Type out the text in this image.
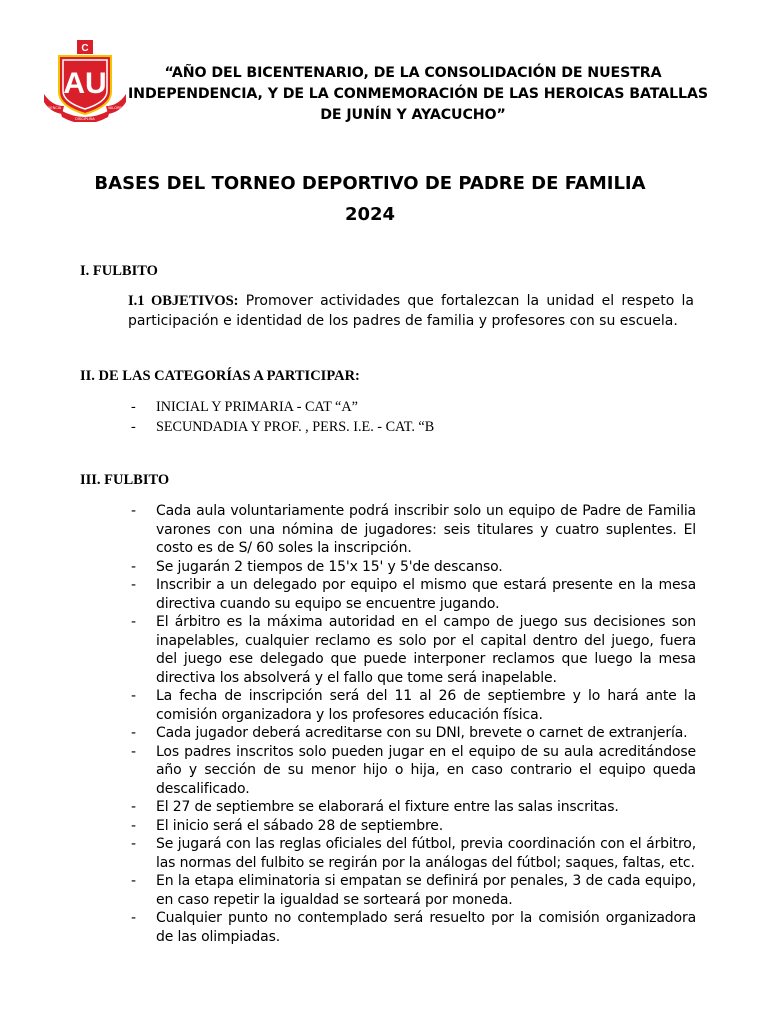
C
AU
CIENCIA
DISCIPLINA
VALORES
“AÑO DEL BICENTENARIO, DE LA CONSOLIDACIÓN DE NUESTRA
INDEPENDENCIA, Y DE LA CONMEMORACIÓN DE LAS HEROICAS BATALLAS
DE JUNÍN Y AYACUCHO”
BASES DEL TORNEO DEPORTIVO DE PADRE DE FAMILIA
2024
I. FULBITO
I.1 OBJETIVOS: Promover actividades que fortalezcan la unidad el respeto la participación e identidad de los padres de familia y profesores con su escuela.
II. DE LAS CATEGORÍAS A PARTICIPAR:
- INICIAL Y PRIMARIA - CAT “A”
- SECUNDADIA Y PROF. , PERS. I.E. - CAT. “B
III. FULBITO
- Cada aula voluntariamente podrá inscribir solo un equipo de Padre de Familia varones con una nómina de jugadores: seis titulares y cuatro suplentes. El costo es de S/ 60 soles la inscripción.
- Se jugarán 2 tiempos de 15'x 15' y 5'de descanso.
- Inscribir a un delegado por equipo el mismo que estará presente en la mesa directiva cuando su equipo se encuentre jugando.
- El árbitro es la máxima autoridad en el campo de juego sus decisiones son inapelables, cualquier reclamo es solo por el capital dentro del juego, fuera del juego ese delegado que puede interponer reclamos que luego la mesa directiva los absolverá y el fallo que tome será inapelable.
- La fecha de inscripción será del 11 al 26 de septiembre y lo hará ante la comisión organizadora y los profesores educación física.
- Cada jugador deberá acreditarse con su DNI, brevete o carnet de extranjería.
- Los padres inscritos solo pueden jugar en el equipo de su aula acreditándose año y sección de su menor hijo o hija, en caso contrario el equipo queda descalificado.
- El 27 de septiembre se elaborará el fixture entre las salas inscritas.
- El inicio será el sábado 28 de septiembre.
- Se jugará con las reglas oficiales del fútbol, previa coordinación con el árbitro, las normas del fulbito se regirán por la análogas del fútbol; saques, faltas, etc.
- En la etapa eliminatoria si empatan se definirá por penales, 3 de cada equipo, en caso repetir la igualdad se sorteará por moneda.
- Cualquier punto no contemplado será resuelto por la comisión organizadora de las olimpiadas.
